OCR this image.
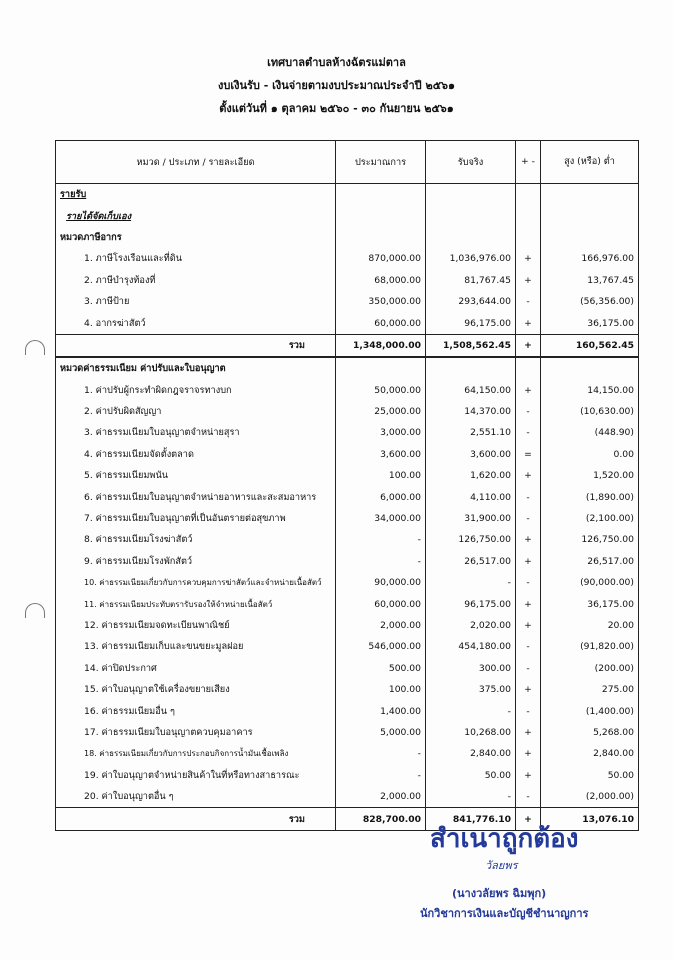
เทศบาลตำบลห้างฉัตรแม่ตาล
งบเงินรับ - เงินจ่ายตามงบประมาณประจำปี ๒๕๖๑
ตั้งแต่วันที่ ๑ ตุลาคม ๒๕๖๐ - ๓๐ กันยายน ๒๕๖๑
หมวด / ประเภท / รายละเอียด	ประมาณการ	รับจริง	+ -	สูง (หรือ) ต่ำ
รายรับ				
รายได้จัดเก็บเอง				
หมวดภาษีอากร				
1. ภาษีโรงเรือนและที่ดิน	870,000.00	1,036,976.00	+	166,976.00
2. ภาษีบำรุงท้องที่	68,000.00	81,767.45	+	13,767.45
3. ภาษีป้าย	350,000.00	293,644.00	-	(56,356.00)
4. อากรฆ่าสัตว์	60,000.00	96,175.00	+	36,175.00
รวม	1,348,000.00	1,508,562.45	+	160,562.45
หมวดค่าธรรมเนียม ค่าปรับและใบอนุญาต				
1. ค่าปรับผู้กระทำผิดกฎจราจรทางบก	50,000.00	64,150.00	+	14,150.00
2. ค่าปรับผิดสัญญา	25,000.00	14,370.00	-	(10,630.00)
3. ค่าธรรมเนียมใบอนุญาตจำหน่ายสุรา	3,000.00	2,551.10	-	(448.90)
4. ค่าธรรมเนียมจัดตั้งตลาด	3,600.00	3,600.00	=	0.00
5. ค่าธรรมเนียมพนัน	100.00	1,620.00	+	1,520.00
6. ค่าธรรมเนียมใบอนุญาตจำหน่ายอาหารและสะสมอาหาร	6,000.00	4,110.00	-	(1,890.00)
7. ค่าธรรมเนียมใบอนุญาตที่เป็นอันตรายต่อสุขภาพ	34,000.00	31,900.00	-	(2,100.00)
8. ค่าธรรมเนียมโรงฆ่าสัตว์	-	126,750.00	+	126,750.00
9. ค่าธรรมเนียมโรงพักสัตว์	-	26,517.00	+	26,517.00
10. ค่าธรรมเนียมเกี่ยวกับการควบคุมการฆ่าสัตว์และจำหน่ายเนื้อสัตว์	90,000.00	-	-	(90,000.00)
11. ค่าธรรมเนียมประทับตรารับรองให้จำหน่ายเนื้อสัตว์	60,000.00	96,175.00	+	36,175.00
12. ค่าธรรมเนียมจดทะเบียนพาณิชย์	2,000.00	2,020.00	+	20.00
13. ค่าธรรมเนียมเก็บและขนขยะมูลฝอย	546,000.00	454,180.00	-	(91,820.00)
14. ค่าปิดประกาศ	500.00	300.00	-	(200.00)
15. ค่าใบอนุญาตใช้เครื่องขยายเสียง	100.00	375.00	+	275.00
16. ค่าธรรมเนียมอื่น ๆ	1,400.00	-	-	(1,400.00)
17. ค่าธรรมเนียมใบอนุญาตควบคุมอาคาร	5,000.00	10,268.00	+	5,268.00
18. ค่าธรรมเนียมเกี่ยวกับการประกอบกิจการน้ำมันเชื้อเพลิง	-	2,840.00	+	2,840.00
19. ค่าใบอนุญาตจำหน่ายสินค้าในที่หรือทางสาธารณะ	-	50.00	+	50.00
20. ค่าใบอนุญาตอื่น ๆ	2,000.00	-	-	(2,000.00)
รวม	828,700.00	841,776.10	+	13,076.10
สำเนาถูกต้อง
วัลยพร
(นางวลัยพร ฉิมพุก)
นักวิชาการเงินและบัญชีชำนาญการ
